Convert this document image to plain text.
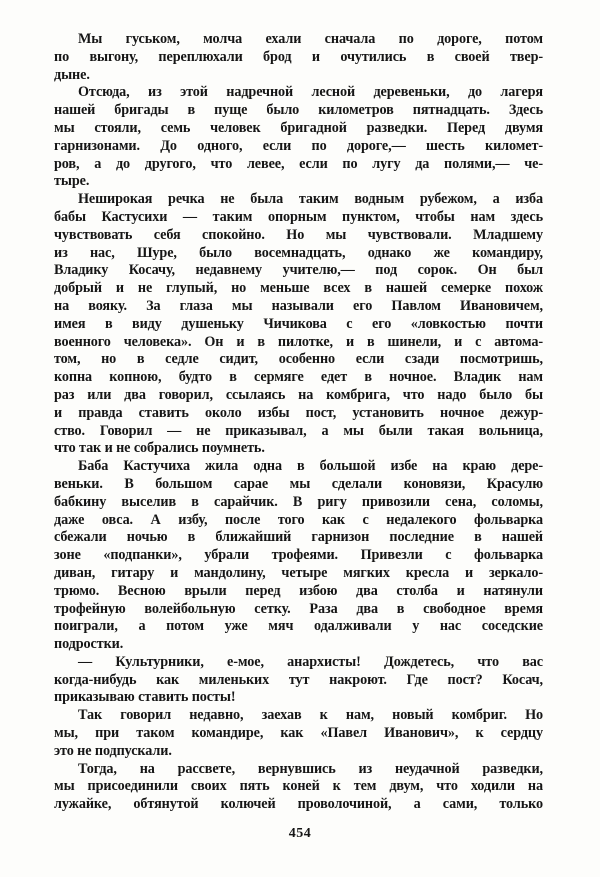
Мы гуськом, молча ехали сначала по дороге, потом
по выгону, переплюхали брод и очутились в своей твер-
дыне.
Отсюда, из этой надречной лесной деревеньки, до лагеря
нашей бригады в пуще было километров пятнадцать. Здесь
мы стояли, семь человек бригадной разведки. Перед двумя
гарнизонами. До одного, если по дороге,— шесть километ-
ров, а до другого, что левее, если по лугу да полями,— че-
тыре.
Неширокая речка не была таким водным рубежом, а изба
бабы Кастусихи — таким опорным пунктом, чтобы нам здесь
чувствовать себя спокойно. Но мы чувствовали. Младшему
из нас, Шуре, было восемнадцать, однако же командиру,
Владику Косачу, недавнему учителю,— под сорок. Он был
добрый и не глупый, но меньше всех в нашей семерке похож
на вояку. За глаза мы называли его Павлом Ивановичем,
имея в виду душеньку Чичикова с его «ловкостью почти
военного человека». Он и в пилотке, и в шинели, и с автома-
том, но в седле сидит, особенно если сзади посмотришь,
копна копною, будто в сермяге едет в ночное. Владик нам
раз или два говорил, ссылаясь на комбрига, что надо было бы
и правда ставить около избы пост, установить ночное дежур-
ство. Говорил — не приказывал, а мы были такая вольница,
что так и не собрались поумнеть.
Баба Кастучиха жила одна в большой избе на краю дере-
веньки. В большом сарае мы сделали коновязи, Красулю
бабкину выселив в сарайчик. В ригу привозили сена, соломы,
даже овса. А избу, после того как с недалекого фольварка
сбежали ночью в ближайший гарнизон последние в нашей
зоне «подпанки», убрали трофеями. Привезли с фольварка
диван, гитару и мандолину, четыре мягких кресла и зеркало-
трюмо. Весною врыли перед избою два столба и натянули
трофейную волейбольную сетку. Раза два в свободное время
поиграли, а потом уже мяч одалживали у нас соседские
подростки.
— Культурники, е-мое, анархисты! Дождетесь, что вас
когда-нибудь как миленьких тут накроют. Где пост? Косач,
приказываю ставить посты!
Так говорил недавно, заехав к нам, новый комбриг. Но
мы, при таком командире, как «Павел Иванович», к сердцу
это не подпускали.
Тогда, на рассвете, вернувшись из неудачной разведки,
мы присоединили своих пять коней к тем двум, что ходили на
лужайке, обтянутой колючей проволочиной, а сами, только
454
